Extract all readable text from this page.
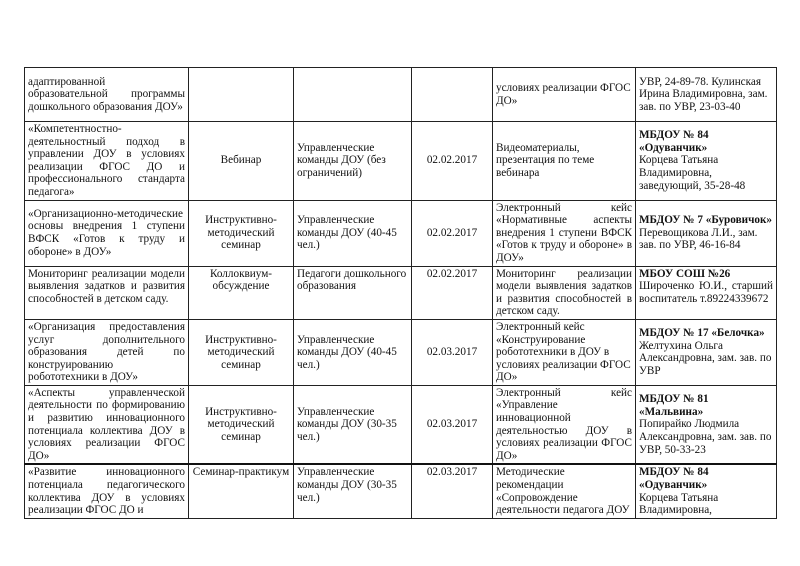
адаптированной образовательной программы дошкольного образования ДОУ»				условиях реализации ФГОС ДО»	УВР, 24-89-78. Кулинская Ирина Владимировна, зам. зав. по УВР, 23-03-40
«Компетентностно-деятельностный подход в управлении ДОУ в условиях реализации ФГОС ДО и профессионального стандарта педагога»	Вебинар	Управленческие команды ДОУ (без ограничений)	02.02.2017	Видеоматериалы, презентация по теме вебинара	МБДОУ № 84 «Одуванчик»
Корцева Татьяна Владимировна, заведующий, 35-28-48
«Организационно-методические основы внедрения 1 ступени ВФСК «Готов к труду и обороне» в ДОУ»	Инструктивно-методический семинар	Управленческие команды ДОУ (40-45 чел.)	02.02.2017	Электронный кейс «Нормативные аспекты внедрения 1 ступени ВФСК «Готов к труду и обороне» в ДОУ»	МБДОУ № 7 «Буровичок»
Перевощикова Л.И., зам. зав. по УВР, 46-16-84
Мониторинг реализации модели выявления задатков и развития способностей в детском саду.	Коллоквиум-обсуждение	Педагоги дошкольного образования	02.02.2017	Мониторинг реализации модели выявления задатков и развития способностей в детском саду.	МБОУ СОШ №26
Широченко Ю.И., старший воспитатель т.89224339672
«Организация предоставления услуг дополнительного образования детей по конструированию робототехники в ДОУ»	Инструктивно-методический семинар	Управленческие команды ДОУ (40-45 чел.)	02.03.2017	Электронный кейс «Конструирование робототехники в ДОУ в условиях реализации ФГОС ДО»	МБДОУ № 17 «Белочка»
Желтухина Ольга Александровна, зам. зав. по УВР
«Аспекты управленческой деятельности по формированию и развитию инновационного потенциала коллектива ДОУ в условиях реализации ФГОС ДО»	Инструктивно-методический семинар	Управленческие команды ДОУ (30-35 чел.)	02.03.2017	Электронный кейс «Управление инновационной деятельностью ДОУ в условиях реализации ФГОС ДО»	МБДОУ № 81 «Мальвина»
Попирайко Людмила Александровна, зам. зав. по УВР, 50-33-23
«Развитие инновационного потенциала педагогического коллектива ДОУ в условиях реализации ФГОС ДО и	Семинар-практикум	Управленческие команды ДОУ (30-35 чел.)	02.03.2017	Методические рекомендации «Сопровождение деятельности педагога ДОУ	МБДОУ № 84 «Одуванчик»
Корцева Татьяна Владимировна,
